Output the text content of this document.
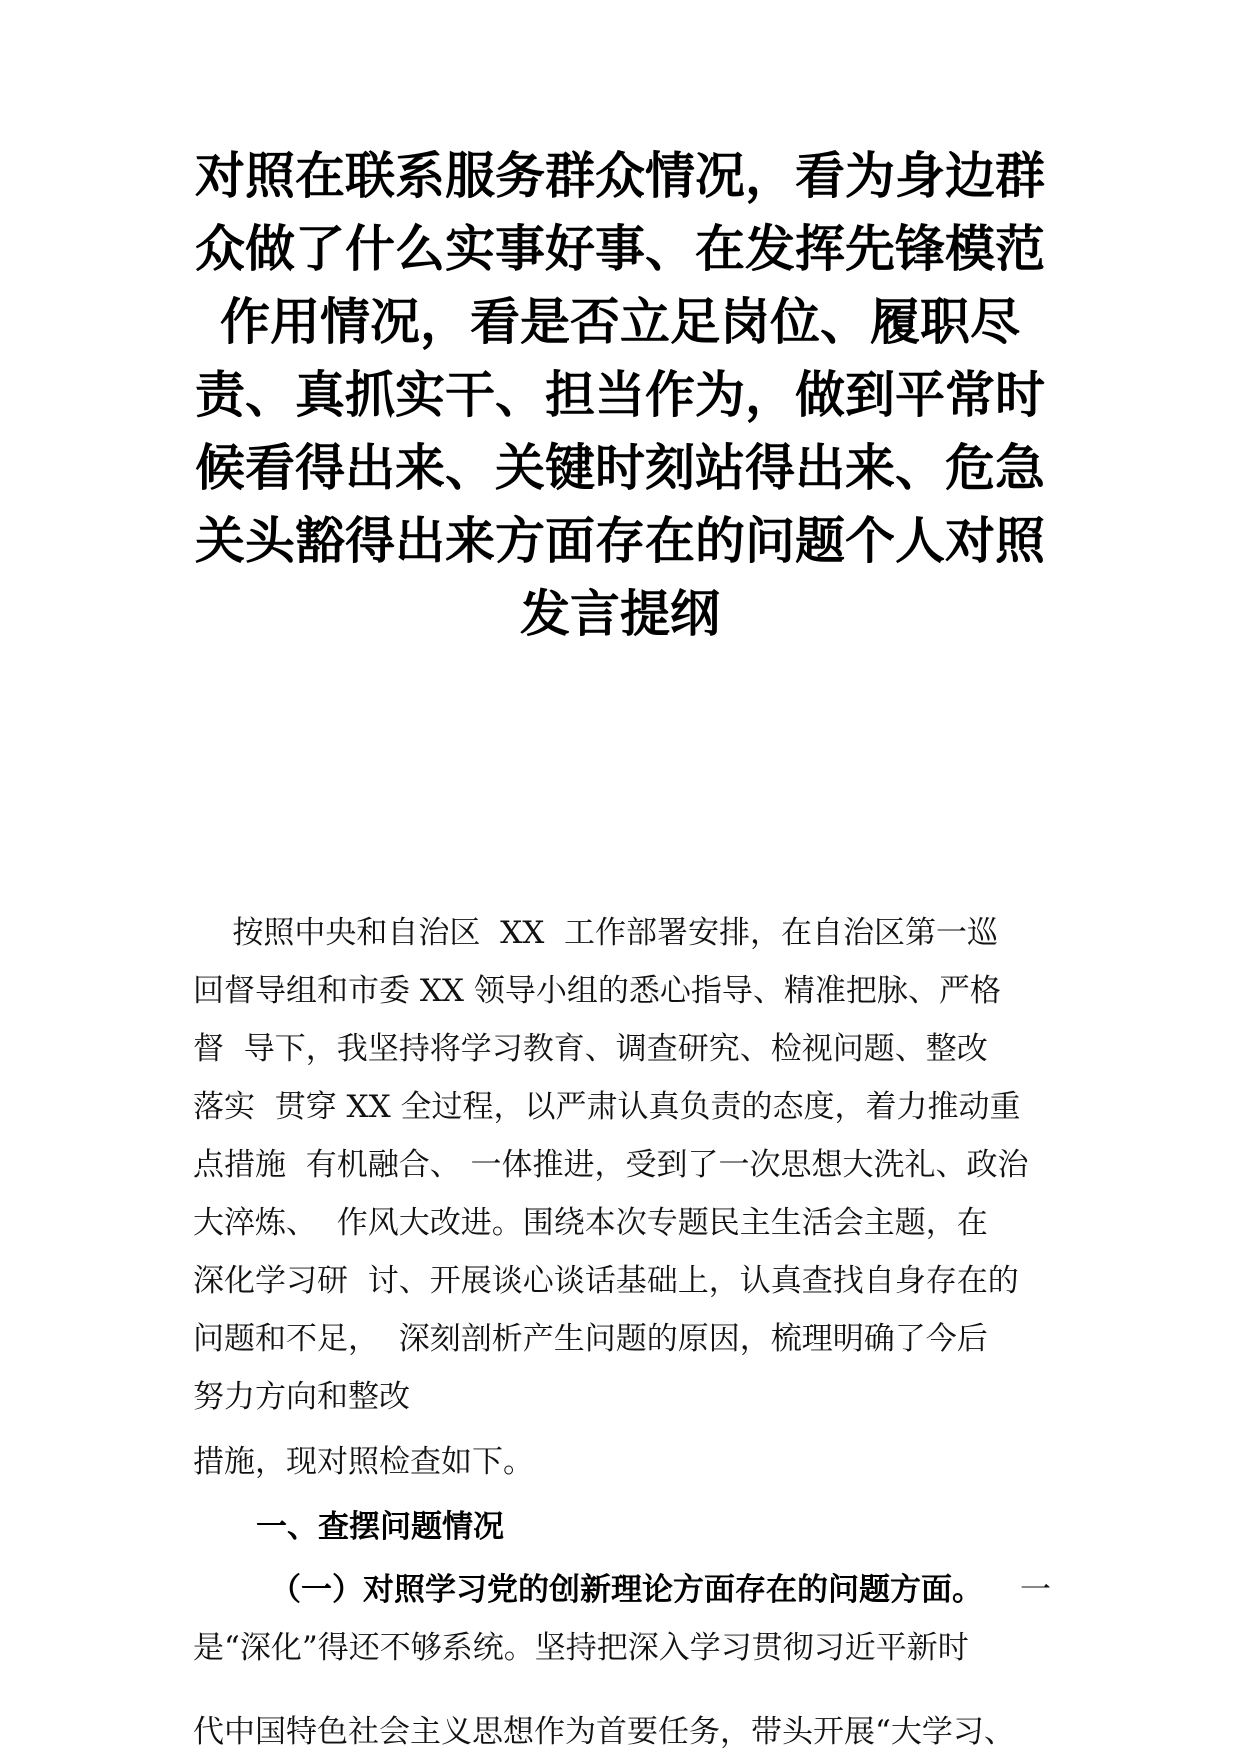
对照在联系服务群众情况，看为身边群
众做了什么实事好事、在发挥先锋模范
作用情况，看是否立足岗位、履职尽
责、真抓实干、担当作为，做到平常时
候看得出来、关键时刻站得出来、危急
关头豁得出来方面存在的问题个人对照
发言提纲
按照中央和自治区  XX  工作部署安排，在自治区第一巡
回督导组和市委 XX 领导小组的悉心指导、精准把脉、严格
督  导下，我坚持将学习教育、调查研究、检视问题、整改
落实  贯穿 XX 全过程，以严肃认真负责的态度，着力推动重
点措施  有机融合、 一体推进，受到了一次思想大洗礼、政治
大淬炼、  作风大改进。围绕本次专题民主生活会主题，在
深化学习研  讨、开展谈心谈话基础上，认真查找自身存在的
问题和不足，  深刻剖析产生问题的原因，梳理明确了今后
努力方向和整改
措施，现对照检查如下。
一、查摆问题情况
（一）对照学习党的创新理论方面存在的问题方面。 一
是“深化”得还不够系统。坚持把深入学习贯彻习近平新时
代中国特色社会主义思想作为首要任务，带头开展“大学习、
